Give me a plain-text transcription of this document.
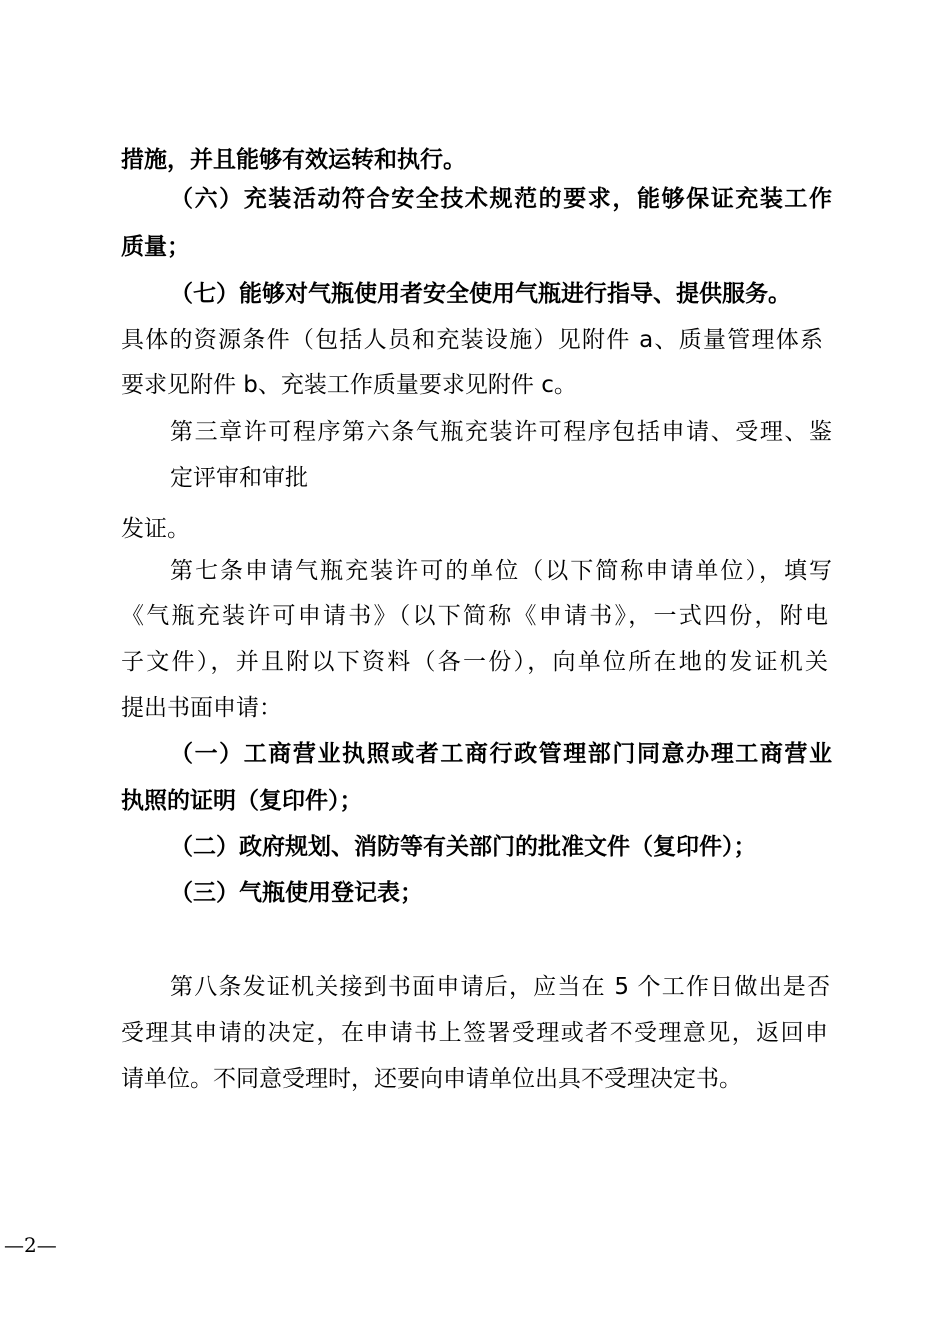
措施，并且能够有效运转和执行。
（六）充装活动符合安全技术规范的要求，能够保证充装工作
质量；
（七）能够对气瓶使用者安全使用气瓶进行指导、提供服务。
具体的资源条件（包括人员和充装设施）见附件 a、质量管理体系
要求见附件 b、充装工作质量要求见附件 c。
第三章许可程序第六条气瓶充装许可程序包括申请、受理、鉴
定评审和审批
发证。
第七条申请气瓶充装许可的单位（以下简称申请单位），填写
《气瓶充装许可申请书》（以下简称《申请书》，一式四份，附电
子文件），并且附以下资料（各一份），向单位所在地的发证机关
提出书面申请：
（一）工商营业执照或者工商行政管理部门同意办理工商营业
执照的证明（复印件）；
（二）政府规划、消防等有关部门的批准文件（复印件）；
（三）气瓶使用登记表；
第八条发证机关接到书面申请后，应当在 5 个工作日做出是否
受理其申请的决定，在申请书上签署受理或者不受理意见，返回申
请单位。不同意受理时，还要向申请单位出具不受理决定书。
—2—
